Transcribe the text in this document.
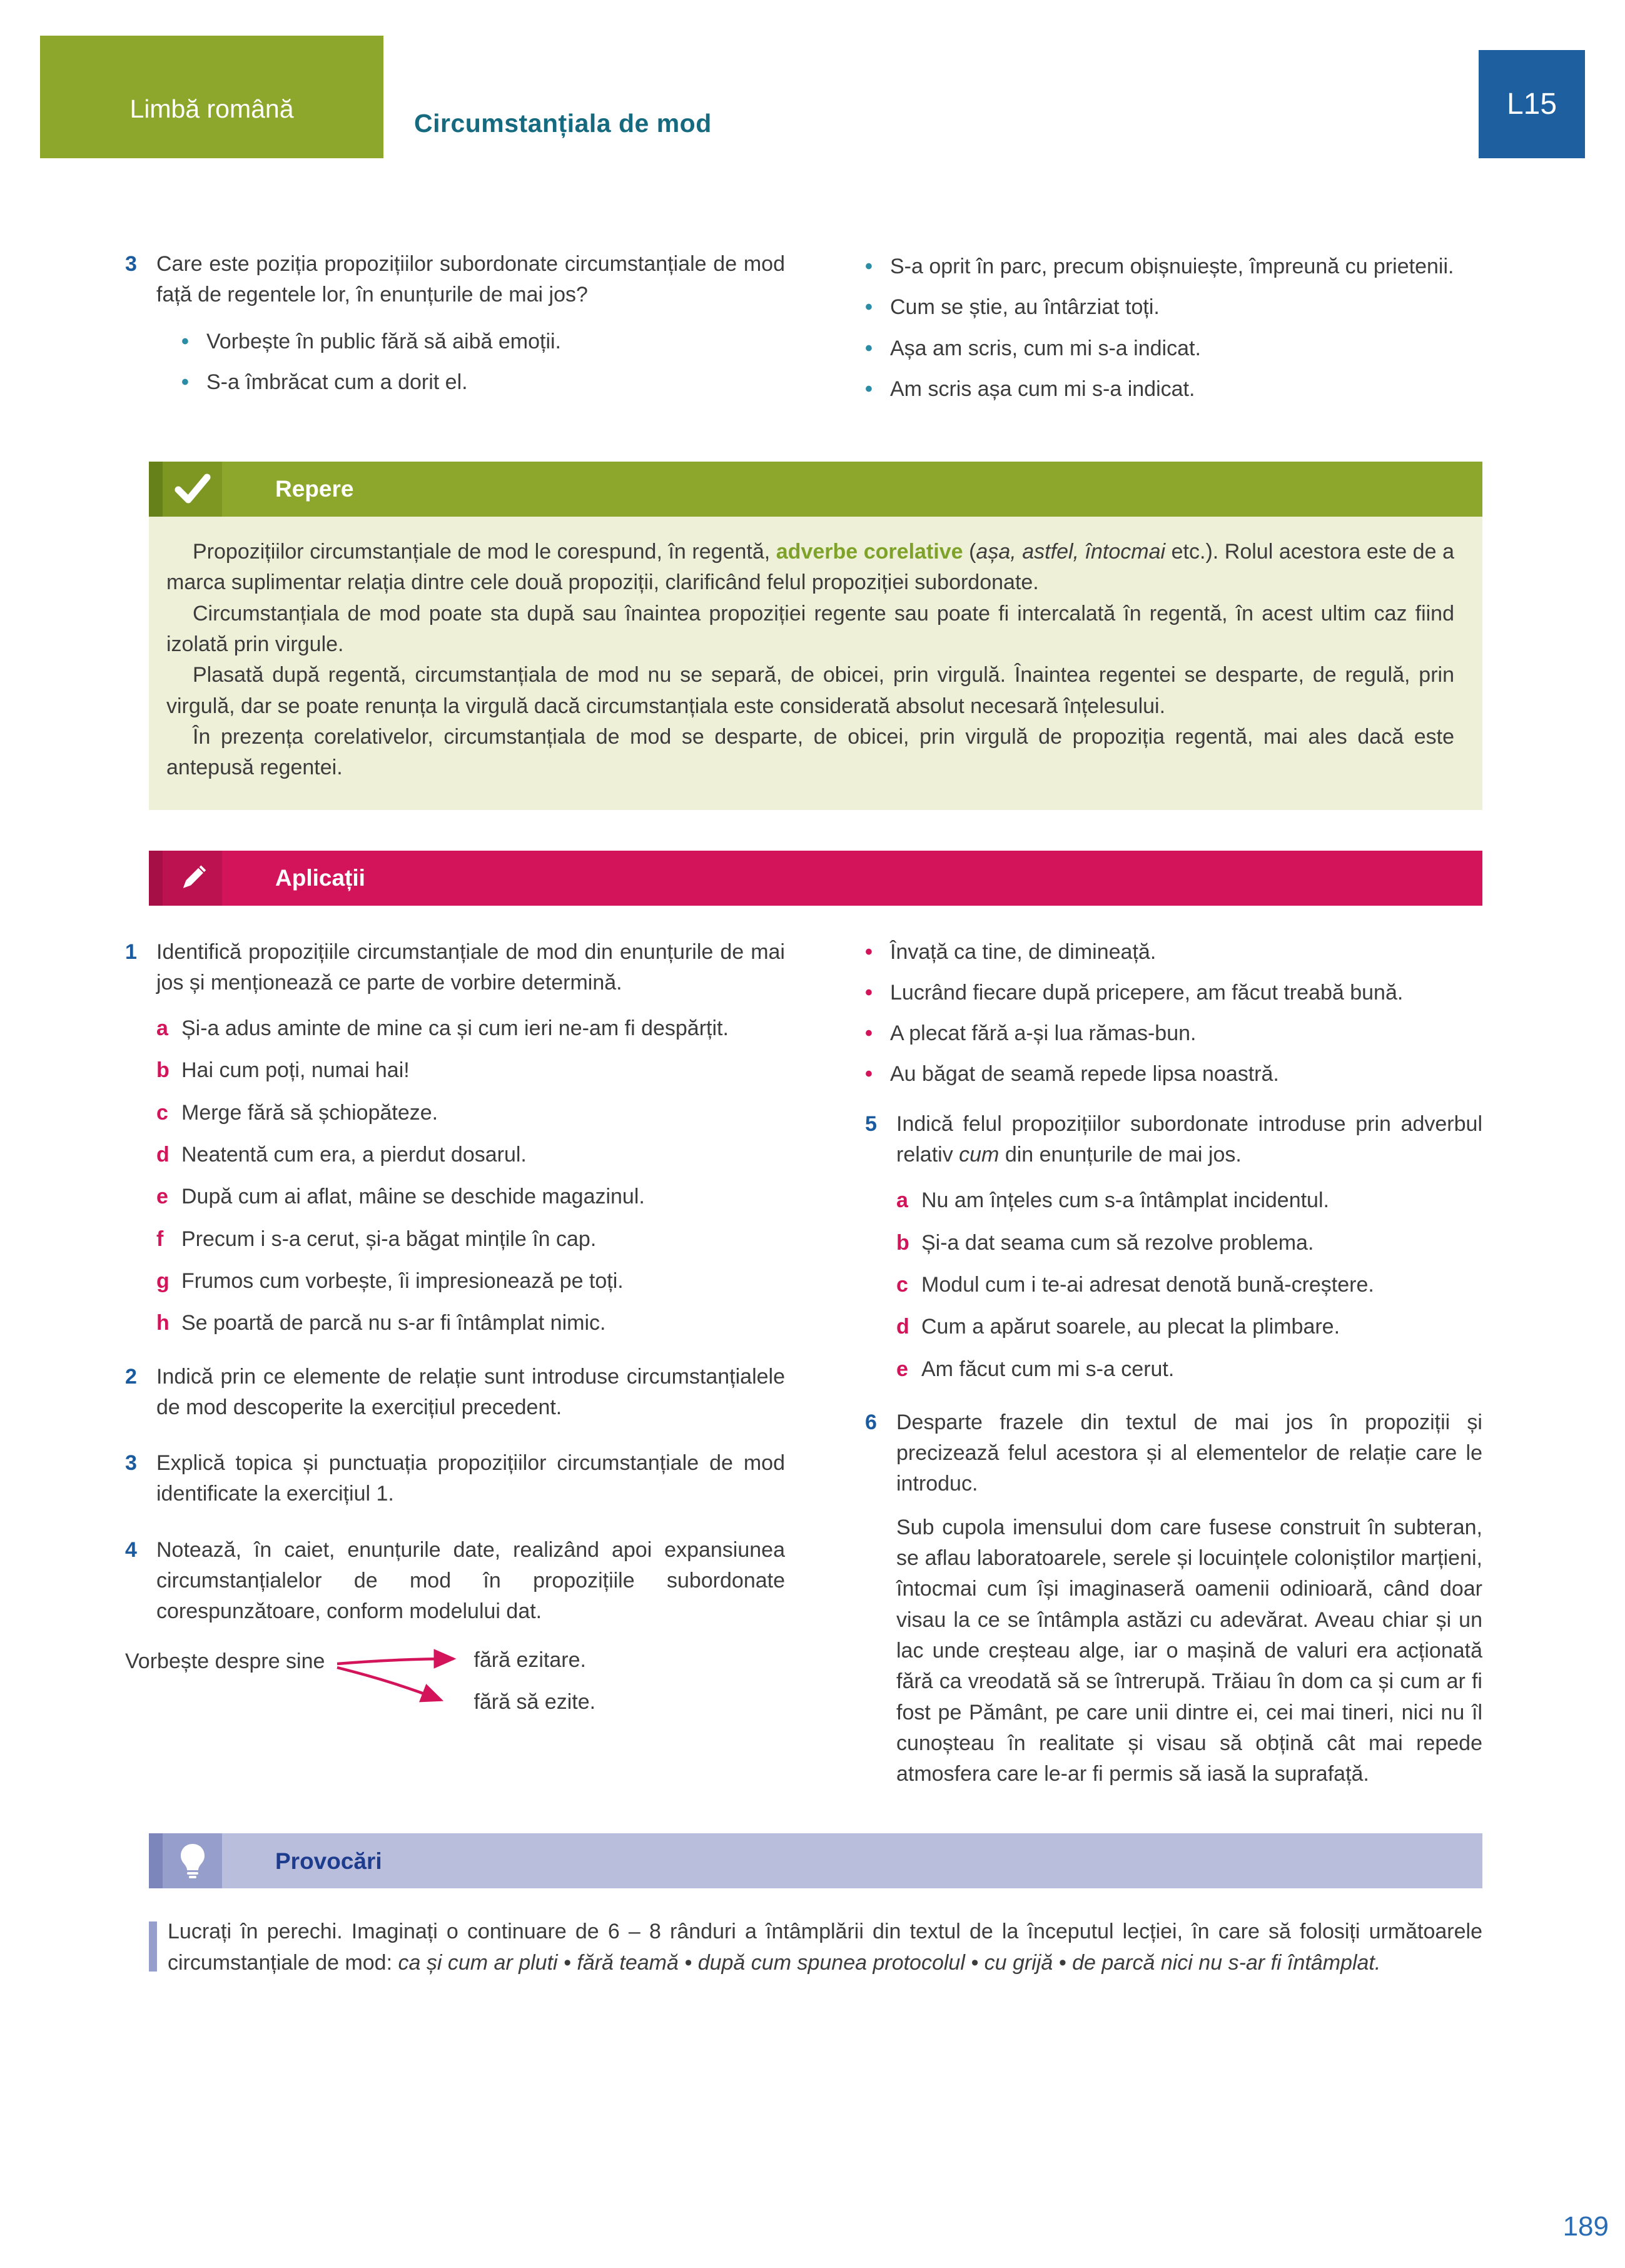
Limbă română	Circumstanțiala de mod
L15
3 Care este poziția propozițiilor subordonate circumstanțiale de mod față de regentele lor, în enunțurile de mai jos?
• Vorbește în public fără să aibă emoții.
• S-a îmbrăcat cum a dorit el.
• S-a oprit în parc, precum obișnuiește, împreună cu prietenii.
• Cum se știe, au întârziat toți.
• Așa am scris, cum mi s-a indicat.
• Am scris așa cum mi s-a indicat.
Repere

Propozițiilor circumstanțiale de mod le corespund, în regentă, adverbe corelative (așa, astfel, întocmai etc.). Rolul acestora este de a marca suplimentar relația dintre cele două propoziții, clarificând felul propoziției subordonate.

Circumstanțiala de mod poate sta după sau înaintea propoziției regente sau poate fi intercalată în regentă, în acest ultim caz fiind izolată prin virgule.

Plasată după regentă, circumstanțiala de mod nu se separă, de obicei, prin virgulă. Înaintea regentei se desparte, de regulă, prin virgulă, dar se poate renunța la virgulă dacă circumstanțiala este considerată absolut necesară înțelesului.

În prezența corelativelor, circumstanțiala de mod se desparte, de obicei, prin virgulă de propoziția regentă, mai ales dacă este antepusă regentei.

Aplicații
1 Identifică propozițiile circumstanțiale de mod din enunțurile de mai jos și menționează ce parte de vorbire determină.
a Și-a adus aminte de mine ca și cum ieri ne-am fi despărțit.
b Hai cum poți, numai hai!
c Merge fără să șchiopăteze.
d Neatentă cum era, a pierdut dosarul.
e După cum ai aflat, mâine se deschide magazinul.
f Precum i s-a cerut, și-a băgat mințile în cap.
g Frumos cum vorbește, îi impresionează pe toți.
h Se poartă de parcă nu s-ar fi întâmplat nimic.
2 Indică prin ce elemente de relație sunt introduse circumstanțialele de mod descoperite la exercițiul precedent.
3 Explică topica și punctuația propozițiilor circumstanțiale de mod identificate la exercițiul 1.
4 Notează, în caiet, enunțurile date, realizând apoi expansiunea circumstanțialelor de mod în propozițiile subordonate corespunzătoare, conform modelului dat.
Vorbește despre sine	fără ezitare.
fără să ezite.
• Învață ca tine, de dimineață.
• Lucrând fiecare după pricepere, am făcut treabă bună.
• A plecat fără a-și lua rămas-bun.
• Au băgat de seamă repede lipsa noastră.
5 Indică felul propozițiilor subordonate introduse prin adverbul relativ cum din enunțurile de mai jos.
a Nu am înțeles cum s-a întâmplat incidentul.
b Și-a dat seama cum să rezolve problema.
c Modul cum i te-ai adresat denotă bună-creștere.
d Cum a apărut soarele, au plecat la plimbare.
e Am făcut cum mi s-a cerut.
6 Desparte frazele din textul de mai jos în propoziții și precizează felul acestora și al elementelor de relație care le introduc.
Sub cupola imensului dom care fusese construit în subteran, se aflau laboratoarele, serele și locuințele coloniștilor marțieni, întocmai cum își imaginaseră oamenii odinioară, când doar visau la ce se întâmpla astăzi cu adevărat. Aveau chiar și un lac unde creșteau alge, iar o mașină de valuri era acționată fără ca vreodată să se întrerupă. Trăiau în dom ca și cum ar fi fost pe Pământ, pe care unii dintre ei, cei mai tineri, nici nu îl cunoșteau în realitate și visau să obțină cât mai repede atmosfera care le-ar fi permis să iasă la suprafață.
Provocări
Lucrați în perechi. Imaginați o continuare de 6 – 8 rânduri a întâmplării din textul de la începutul lecției, în care să folosiți următoarele circumstanțiale de mod: ca și cum ar pluti • fără teamă • după cum spunea protocolul • cu grijă • de parcă nici nu s-ar fi întâmplat.
189
